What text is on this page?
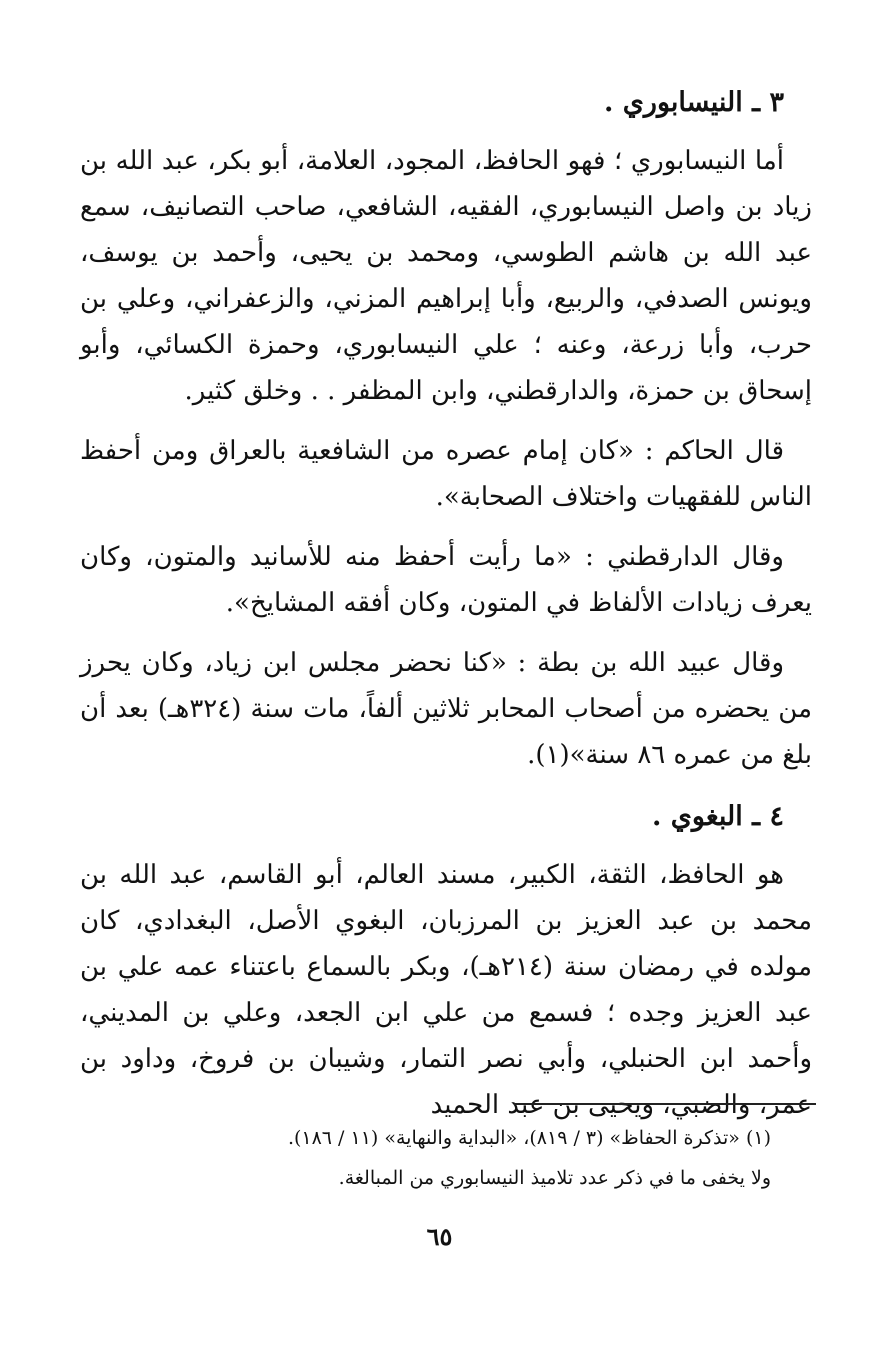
٣ ـ النيسابوري .

أما النيسابوري ؛ فهو الحافظ، المجود، العلامة، أبو بكر، عبد الله بن زياد بن واصل النيسابوري، الفقيه، الشافعي، صاحب التصانيف، سمع عبد الله بن هاشم الطوسي، ومحمد بن يحيى، وأحمد بن يوسف، ويونس الصدفي، والربيع، وأبا إبراهيم المزني، والزعفراني، وعلي بن حرب، وأبا زرعة، وعنه ؛ علي النيسابوري، وحمزة الكسائي، وأبو إسحاق بن حمزة، والدارقطني، وابن المظفر . . وخلق كثير.

قال الحاكم : «كان إمام عصره من الشافعية بالعراق ومن أحفظ الناس للفقهيات واختلاف الصحابة».

وقال الدارقطني : «ما رأيت أحفظ منه للأسانيد والمتون، وكان يعرف زيادات الألفاظ في المتون، وكان أفقه المشايخ».

وقال عبيد الله بن بطة : «كنا نحضر مجلس ابن زياد، وكان يحرز من يحضره من أصحاب المحابر ثلاثين ألفاً، مات سنة (٣٢٤هـ) بعد أن بلغ من عمره ٨٦ سنة»(١).

٤ ـ البغوي .

هو الحافظ، الثقة، الكبير، مسند العالم، أبو القاسم، عبد الله بن محمد بن عبد العزيز بن المرزبان، البغوي الأصل، البغدادي، كان مولده في رمضان سنة (٢١٤هـ)، وبكر بالسماع باعتناء عمه علي بن عبد العزيز وجده ؛ فسمع من علي ابن الجعد، وعلي بن المديني، وأحمد ابن الحنبلي، وأبي نصر التمار، وشيبان بن فروخ، وداود بن عمر، والضبي، ويحيى بن عبد الحميد

(١) «تذكرة الحفاظ» (٣ / ٨١٩)، «البداية والنهاية» (١١ / ١٨٦).
ولا يخفى ما في ذكر عدد تلاميذ النيسابوري من المبالغة.
٦٥
